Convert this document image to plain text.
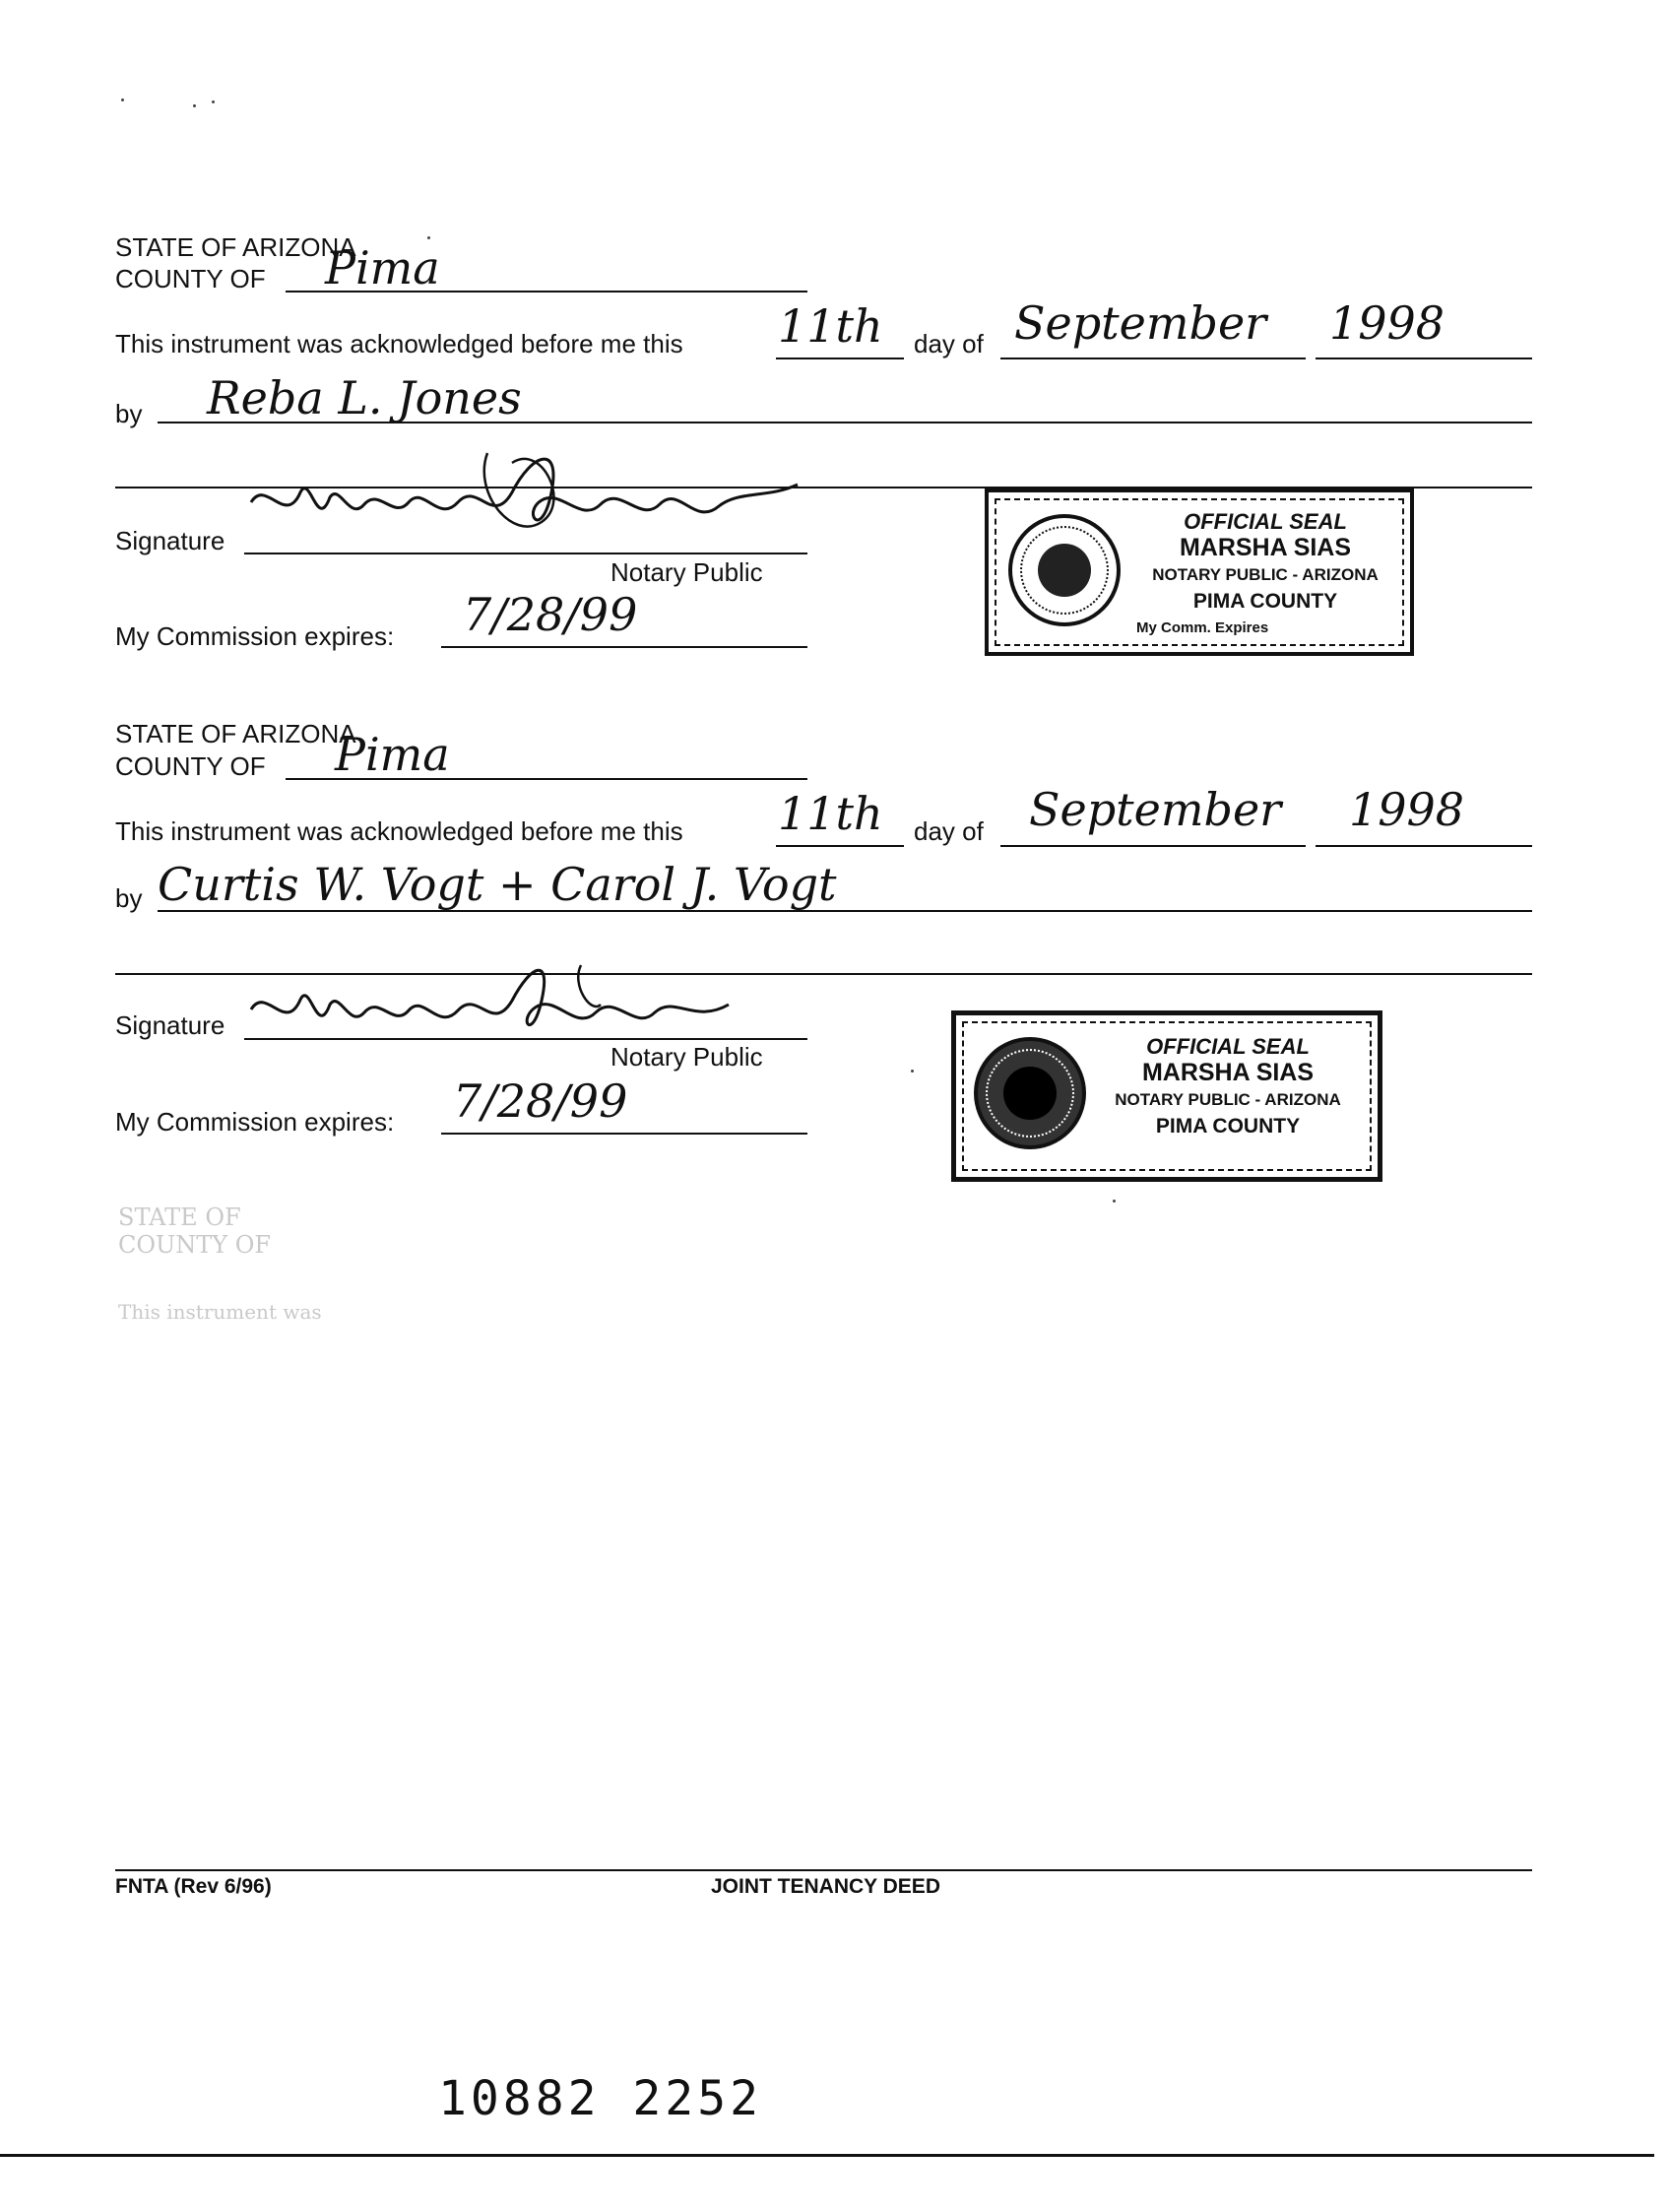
STATE OF ARIZONA
COUNTY OF Pima
This instrument was acknowledged before me this 11th day of September 1998
by Reba L. Jones
Signature
Notary Public
My Commission expires: 7/28/99
OFFICIAL SEAL
MARSHA SIAS
NOTARY PUBLIC - ARIZONA
PIMA COUNTY
My Comm. Expires
STATE OF ARIZONA
COUNTY OF Pima
This instrument was acknowledged before me this 11th day of September 1998
by Curtis W. Vogt + Carol J. Vogt
Signature
Notary Public
My Commission expires: 7/28/99
OFFICIAL SEAL
MARSHA SIAS
NOTARY PUBLIC - ARIZONA
PIMA COUNTY
STATE OF
COUNTY OF
This instrument was
FNTA (Rev 6/96)	JOINT TENANCY DEED
10882 2252
